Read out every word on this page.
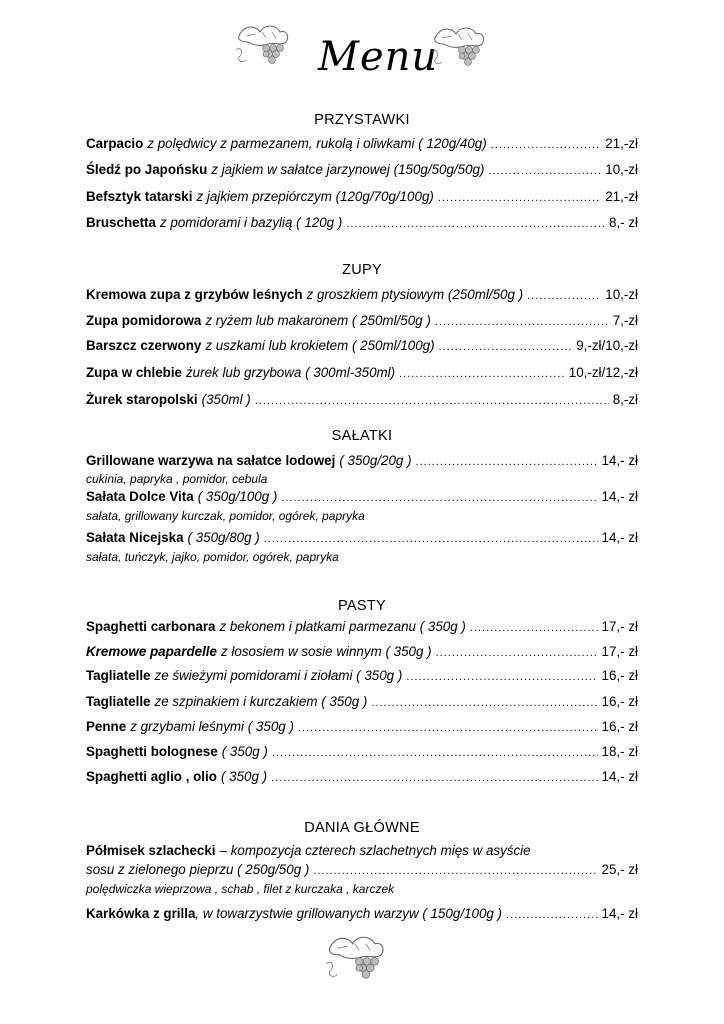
Menu
PRZYSTAWKI
Carpacio z polędwicy z parmezanem, rukolą i oliwkami ( 120g/40g) .....	21,-zł
Śledź po Japońsku z jajkiem w sałatce jarzynowej (150g/50g/50g) .....	10,-zł
Befsztyk tatarski z jajkiem przepiórczym (120g/70g/100g) .....	21,-zł
Bruschetta z pomidorami i bazylią ( 120g ) .....	8,- zł
ZUPY
Kremowa zupa z grzybów leśnych z groszkiem ptysiowym (250ml/50g ) .....	10,-zł
Zupa pomidorowa z ryżem lub makaronem ( 250ml/50g ) .....	7,-zł
Barszcz czerwony z uszkami lub krokietem ( 250ml/100g) .....	9,-zł/10,-zł
Zupa w chlebie żurek lub grzybowa ( 300ml-350ml) .....	10,-zł/12,-zł
Żurek staropolski (350ml ) .....	8,-zł
SAŁATKI
Grillowane warzywa na sałatce lodowej ( 350g/20g ) .....	14,- zł
cukinia, papryka , pomidor, cebula
Sałata Dolce Vita ( 350g/100g ) .....	14,- zł
sałata, grillowany kurczak, pomidor, ogórek, papryka
Sałata Nicejska ( 350g/80g ) .....	14,- zł
sałata, tuńczyk, jajko, pomidor, ogórek, papryka
PASTY
Spaghetti carbonara z bekonem i płatkami parmezanu ( 350g ) .....	17,- zł
Kremowe papardelle z łososiem w sosie winnym ( 350g ) .....	17,- zł
Tagliatelle ze świeżymi pomidorami i ziołami ( 350g ) .....	16,- zł
Tagliatelle ze szpinakiem i kurczakiem ( 350g ) .....	16,- zł
Penne z grzybami leśnymi ( 350g ) .....	16,- zł
Spaghetti bolognese ( 350g ) .....	18,- zł
Spaghetti aglio , olio ( 350g ) .....	14,- zł
DANIA GŁÓWNE
Półmisek szlachecki – kompozycja czterech szlachetnych mięs w asyście
sosu z zielonego pieprzu ( 250g/50g ) .....	25,- zł
polędwiczka wieprzowa , schab , filet z kurczaka , karczek
Karkówka z grilla , w towarzystwie grillowanych warzyw ( 150g/100g ) .....	14,- zł
